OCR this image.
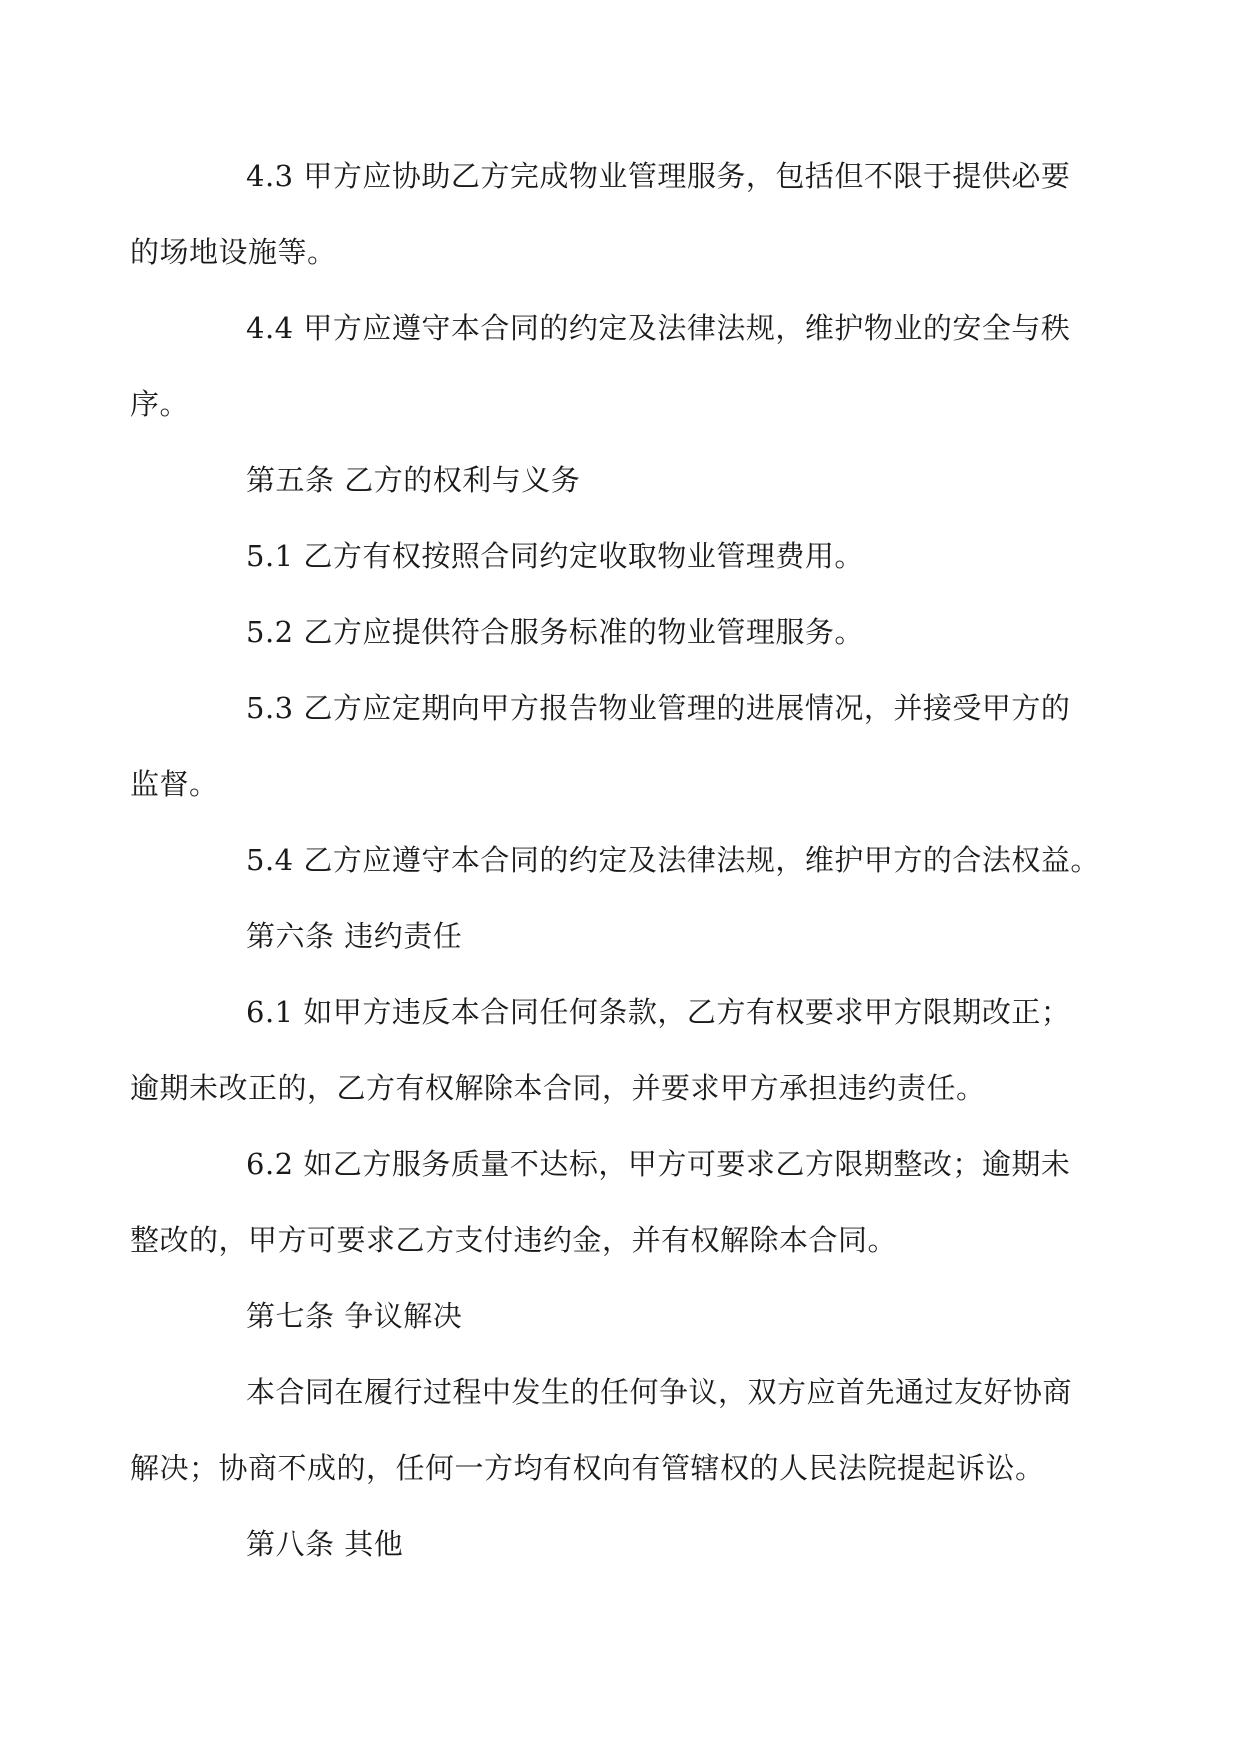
4.3 甲方应协助乙方完成物业管理服务，包括但不限于提供必要
的场地设施等。

4.4 甲方应遵守本合同的约定及法律法规，维护物业的安全与秩
序。

第五条 乙方的权利与义务

5.1 乙方有权按照合同约定收取物业管理费用。

5.2 乙方应提供符合服务标准的物业管理服务。

5.3 乙方应定期向甲方报告物业管理的进展情况，并接受甲方的
监督。

5.4 乙方应遵守本合同的约定及法律法规，维护甲方的合法权益。

第六条 违约责任

6.1 如甲方违反本合同任何条款，乙方有权要求甲方限期改正；
逾期未改正的，乙方有权解除本合同，并要求甲方承担违约责任。

6.2 如乙方服务质量不达标，甲方可要求乙方限期整改；逾期未
整改的，甲方可要求乙方支付违约金，并有权解除本合同。

第七条 争议解决

本合同在履行过程中发生的任何争议，双方应首先通过友好协商
解决；协商不成的，任何一方均有权向有管辖权的人民法院提起诉讼。

第八条 其他
